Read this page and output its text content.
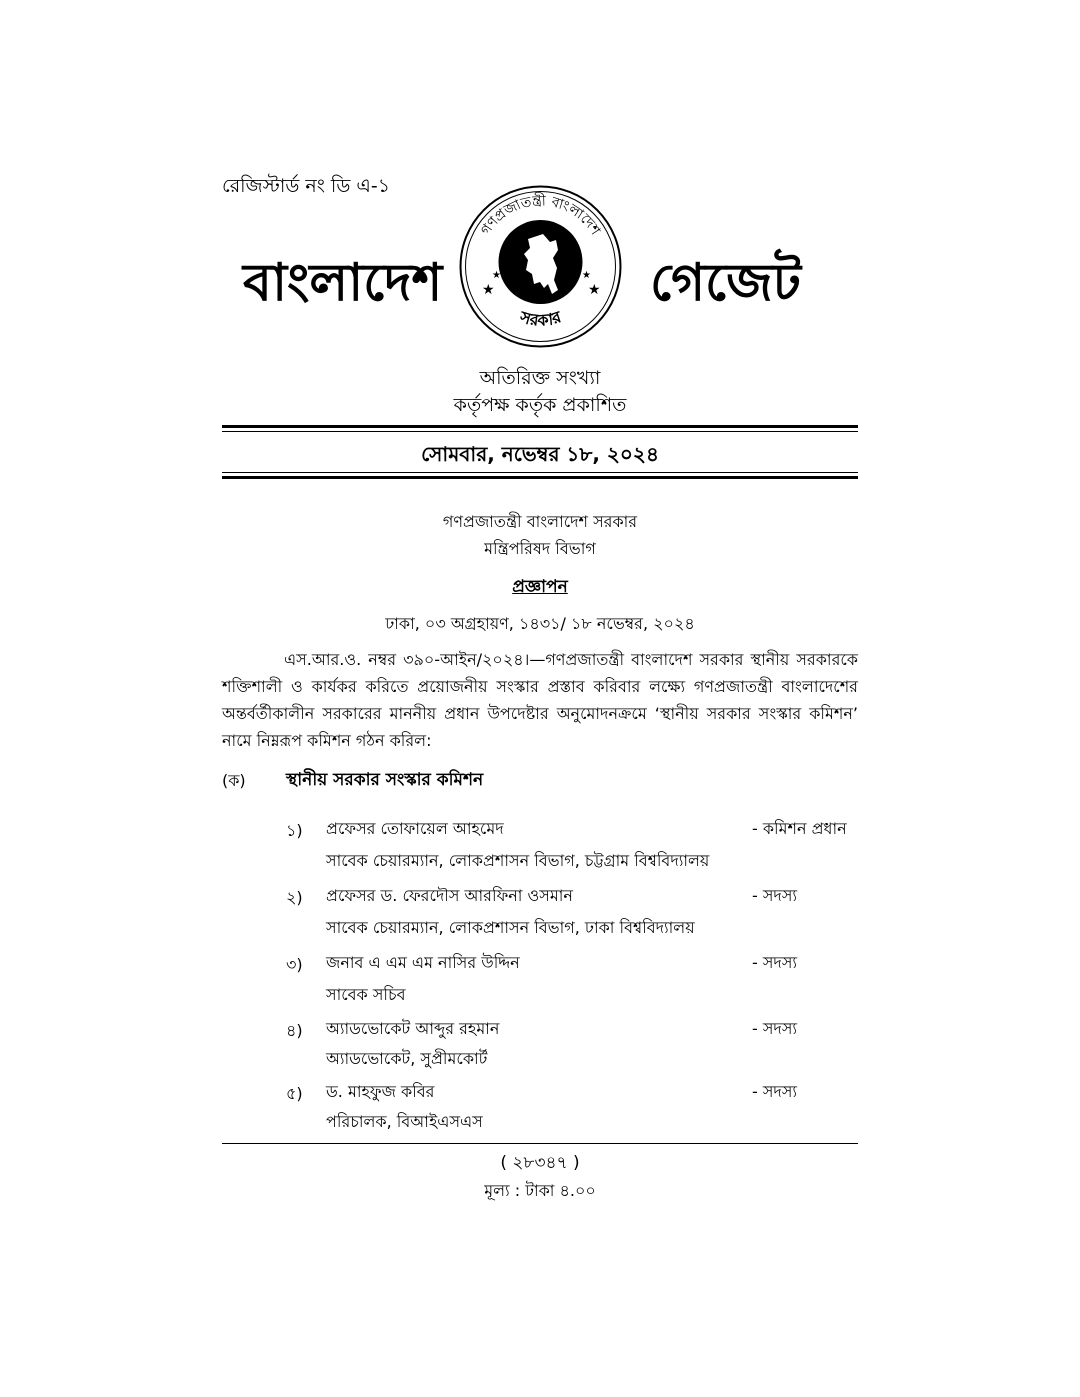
রেজিস্টার্ড নং ডি এ-১
বাংলাদেশ	গেজেট
গণপ্রজাতন্ত্রী বাংলাদেশ
সরকার
★	★
★	★
অতিরিক্ত সংখ্যা
কর্তৃপক্ষ কর্তৃক প্রকাশিত
সোমবার, নভেম্বর ১৮, ২০২৪
গণপ্রজাতন্ত্রী বাংলাদেশ সরকার
মন্ত্রিপরিষদ বিভাগ
প্রজ্ঞাপন
ঢাকা, ০৩ অগ্রহায়ণ, ১৪৩১/ ১৮ নভেম্বর, ২০২৪
এস.আর.ও. নম্বর ৩৯০-আইন/২০২৪।—গণপ্রজাতন্ত্রী বাংলাদেশ সরকার স্থানীয় সরকারকে শক্তিশালী ও কার্যকর করিতে প্রয়োজনীয় সংস্কার প্রস্তাব করিবার লক্ষ্যে গণপ্রজাতন্ত্রী বাংলাদেশের অন্তর্বর্তীকালীন সরকারের মাননীয় প্রধান উপদেষ্টার অনুমোদনক্রমে ‘স্থানীয় সরকার সংস্কার কমিশন’ নামে নিম্নরূপ কমিশন গঠন করিল:
(ক) স্থানীয় সরকার সংস্কার কমিশন
১) প্রফেসর তোফায়েল আহমেদ	- কমিশন প্রধান
সাবেক চেয়ারম্যান, লোকপ্রশাসন বিভাগ, চট্টগ্রাম বিশ্ববিদ্যালয়
২) প্রফেসর ড. ফেরদৌস আরফিনা ওসমান	- সদস্য
সাবেক চেয়ারম্যান, লোকপ্রশাসন বিভাগ, ঢাকা বিশ্ববিদ্যালয়
৩) জনাব এ এম এম নাসির উদ্দিন	- সদস্য
সাবেক সচিব
৪) অ্যাডভোকেট আব্দুর রহমান	- সদস্য
অ্যাডভোকেট, সুপ্রীমকোর্ট
৫) ড. মাহফুজ কবির	- সদস্য
পরিচালক, বিআইএসএস
( ২৮৩৪৭ )
মূল্য : টাকা ৪.০০
